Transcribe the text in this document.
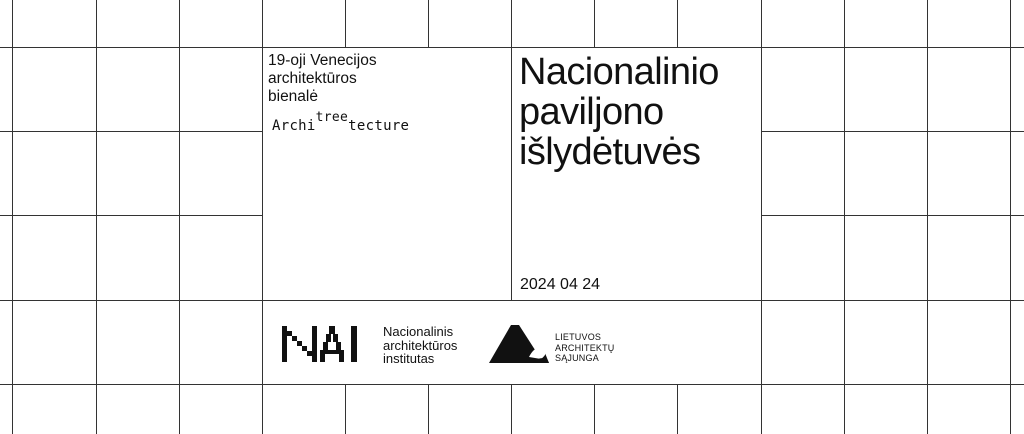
19-oji Venecijos
architektūros
bienalė
Architreetecture
Nacionalinio
paviljono
išlydėtuvės
2024 04 24
Nacionalinis
architektūros
institutas
LIETUVOS
ARCHITEKTŲ
SĄJUNGA
